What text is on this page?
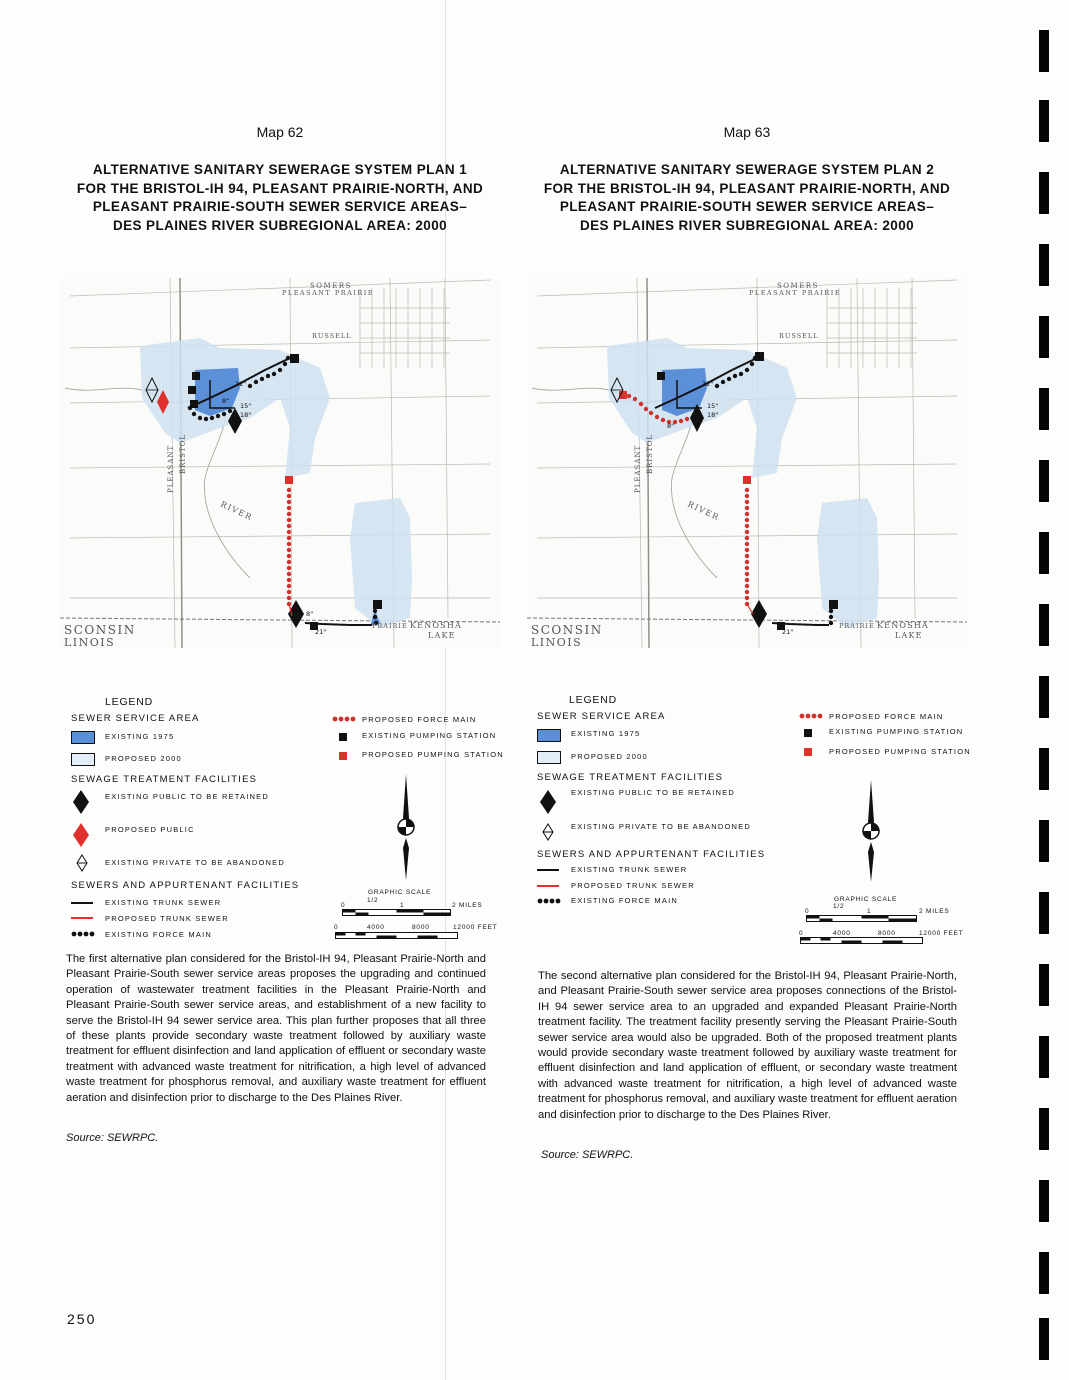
Map 62
ALTERNATIVE SANITARY SEWERAGE SYSTEM PLAN 1
FOR THE BRISTOL-IH 94, PLEASANT PRAIRIE-NORTH, AND
PLEASANT PRAIRIE-SOUTH SEWER SERVICE AREAS–
DES PLAINES RIVER SUBREGIONAL AREA: 2000
SCONSIN
LINOIS
RIVER
PLEASANT BRISTOL
KENOSHA
LAKE
PRAIRIE
SOMERS
PLEASANT PRAIRIE
RUSSELL
12"
15"
18"
8"
21"
8"
LEGEND
SEWER SERVICE AREA
EXISTING 1975
PROPOSED 2000
SEWAGE TREATMENT FACILITIES
EXISTING PUBLIC TO BE RETAINED
PROPOSED PUBLIC
EXISTING PRIVATE TO BE ABANDONED
SEWERS AND APPURTENANT FACILITIES
EXISTING TRUNK SEWER
PROPOSED TRUNK SEWER
EXISTING FORCE MAIN
PROPOSED FORCE MAIN
EXISTING PUMPING STATION
PROPOSED PUMPING STATION
GRAPHIC SCALE
0
1/2
1	2 MILES
0	4000	8000	12000 FEET
The first alternative plan considered for the Bristol-IH 94, Pleasant Prairie-North and Pleasant Prairie-South sewer service areas proposes the upgrading and continued operation of wastewater treatment facilities in the Pleasant Prairie-North and Pleasant Prairie-South sewer service areas, and establishment of a new facility to serve the Bristol-IH 94 sewer service area. This plan further proposes that all three of these plants provide secondary waste treatment followed by auxiliary waste treatment for effluent disinfection and land application of effluent or secondary waste treatment with advanced waste treatment for nitrification, a high level of advanced waste treatment for phosphorus removal, and auxiliary waste treatment for effluent aeration and disinfection prior to discharge to the Des Plaines River.
Source: SEWRPC.
Map 63
ALTERNATIVE SANITARY SEWERAGE SYSTEM PLAN 2
FOR THE BRISTOL-IH 94, PLEASANT PRAIRIE-NORTH, AND
PLEASANT PRAIRIE-SOUTH SEWER SERVICE AREAS–
DES PLAINES RIVER SUBREGIONAL AREA: 2000
SCONSIN
LINOIS
RIVER
PLEASANT BRISTOL
KENOSHA
LAKE
PRAIRIE
SOMERS
PLEASANT PRAIRIE
RUSSELL
12"
15"
18"
21"
8"
LEGEND
SEWER SERVICE AREA
EXISTING 1975
PROPOSED 2000
SEWAGE TREATMENT FACILITIES
EXISTING PUBLIC TO BE RETAINED
EXISTING PRIVATE TO BE ABANDONED
SEWERS AND APPURTENANT FACILITIES
EXISTING TRUNK SEWER
PROPOSED TRUNK SEWER
EXISTING FORCE MAIN
PROPOSED FORCE MAIN
EXISTING PUMPING STATION
PROPOSED PUMPING STATION
GRAPHIC SCALE
0
1/2
1	2 MILES
0	4000	8000	12000 FEET
The second alternative plan considered for the Bristol-IH 94, Pleasant Prairie-North, and Pleasant Prairie-South sewer service area proposes connections of the Bristol-IH 94 sewer service area to an upgraded and expanded Pleasant Prairie-North treatment facility. The treatment facility presently serving the Pleasant Prairie-South sewer service area would also be upgraded. Both of the proposed treatment plants would provide secondary waste treatment followed by auxiliary waste treatment for effluent disinfection and land application of effluent, or secondary waste treatment with advanced waste treatment for nitrification, a high level of advanced waste treatment for phosphorus removal, and auxiliary waste treatment for effluent aeration and disinfection prior to discharge to the Des Plaines River.
Source: SEWRPC.
250
